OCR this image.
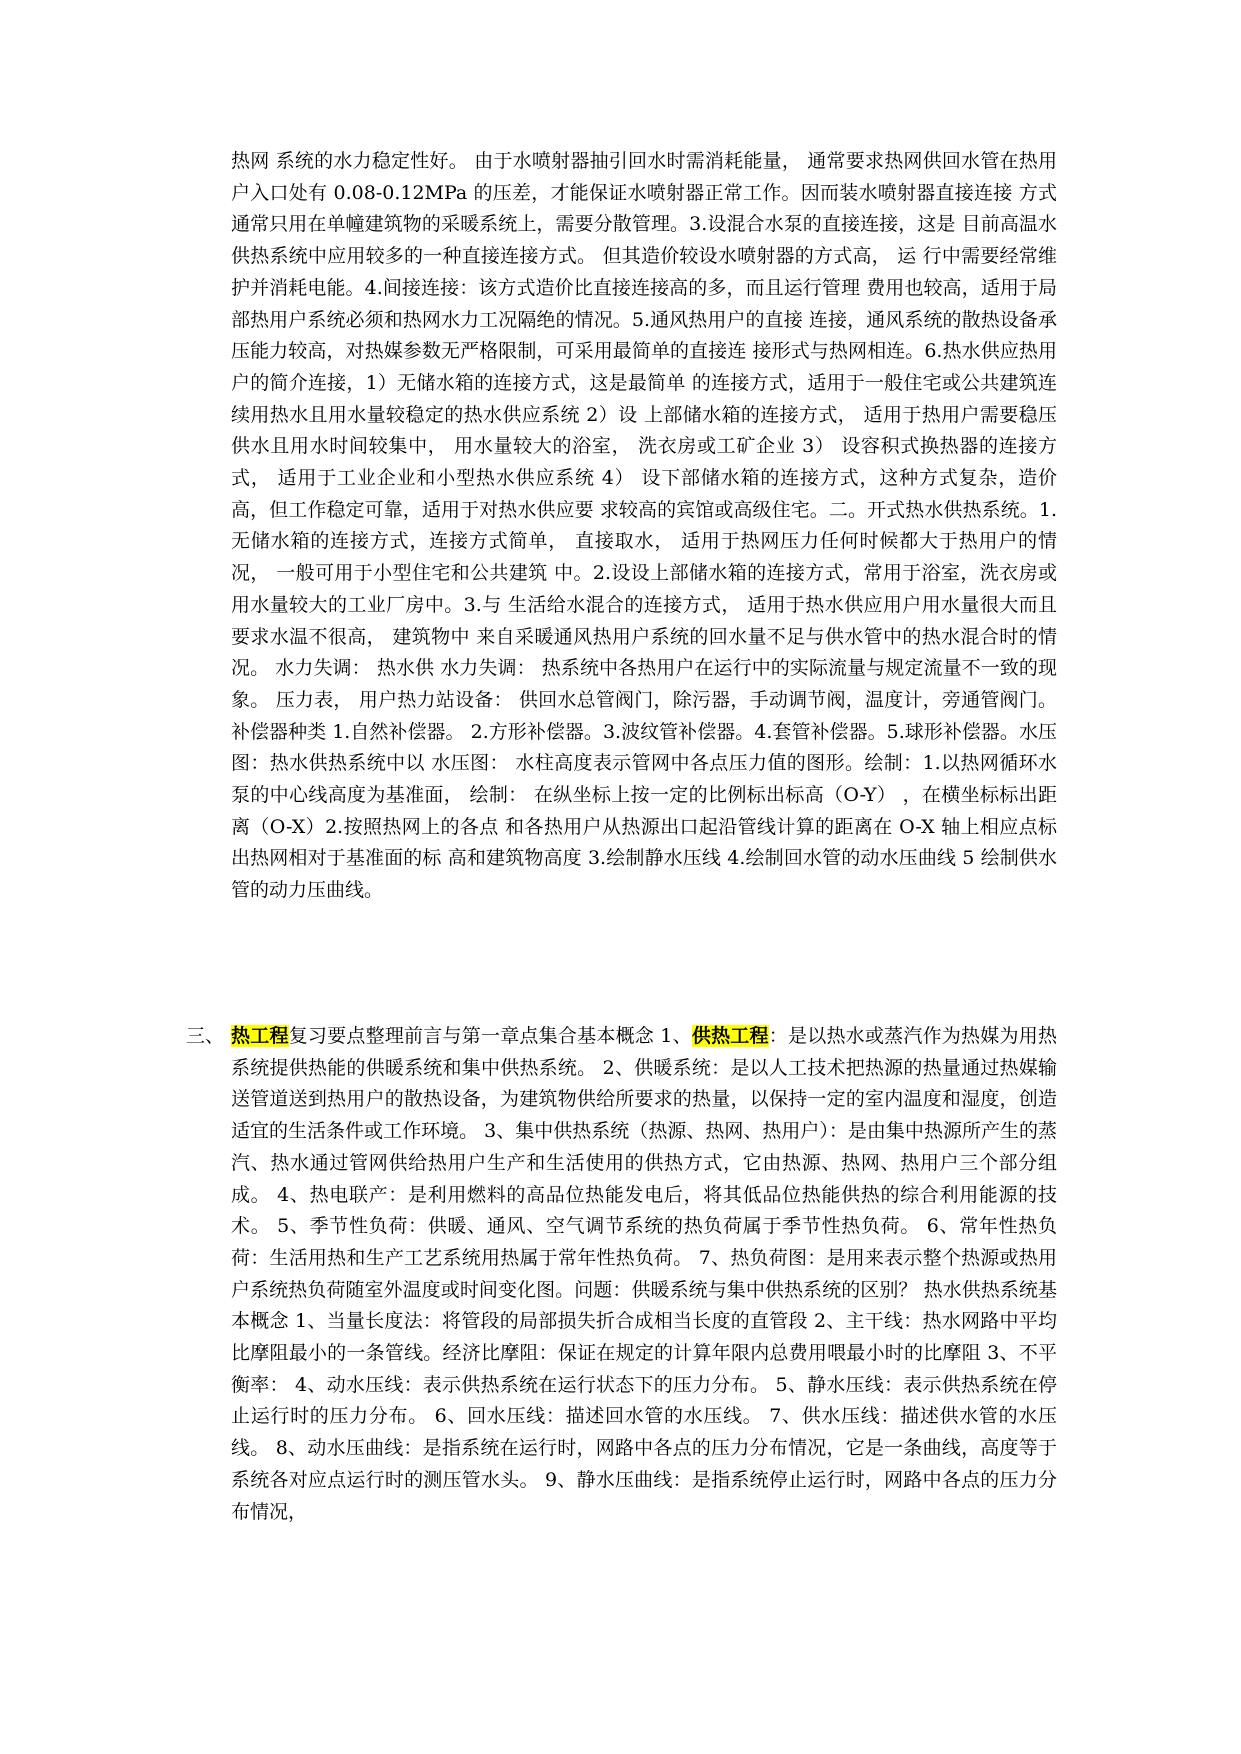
热网 系统的水力稳定性好。 由于水喷射器抽引回水时需消耗能量， 通常要求热网供回水管在热用 户入口处有 0.08-0.12MPa 的压差，才能保证水喷射器正常工作。因而装水喷射器直接连接 方式通常只用在单幢建筑物的采暖系统上，需要分散管理。3.设混合水泵的直接连接，这是 目前高温水供热系统中应用较多的一种直接连接方式。 但其造价较设水喷射器的方式高， 运 行中需要经常维护并消耗电能。4.间接连接：该方式造价比直接连接高的多，而且运行管理 费用也较高，适用于局部热用户系统必须和热网水力工况隔绝的情况。5.通风热用户的直接 连接，通风系统的散热设备承压能力较高，对热媒参数无严格限制，可采用最简单的直接连 接形式与热网相连。6.热水供应热用户的简介连接，1）无储水箱的连接方式，这是最简单 的连接方式，适用于一般住宅或公共建筑连续用热水且用水量较稳定的热水供应系统 2）设 上部储水箱的连接方式， 适用于热用户需要稳压供水且用水时间较集中， 用水量较大的浴室， 洗衣房或工矿企业 3） 设容积式换热器的连接方式， 适用于工业企业和小型热水供应系统 4） 设下部储水箱的连接方式，这种方式复杂，造价高，但工作稳定可靠，适用于对热水供应要 求较高的宾馆或高级住宅。二。开式热水供热系统。1.无储水箱的连接方式，连接方式简单， 直接取水， 适用于热网压力任何时候都大于热用户的情况， 一般可用于小型住宅和公共建筑 中。2.设设上部储水箱的连接方式，常用于浴室，洗衣房或用水量较大的工业厂房中。3.与 生活给水混合的连接方式， 适用于热水供应用户用水量很大而且要求水温不很高， 建筑物中 来自采暖通风热用户系统的回水量不足与供水管中的热水混合时的情况。 水力失调： 热水供 水力失调： 热系统中各热用户在运行中的实际流量与规定流量不一致的现象。 压力表， 用户热力站设备： 供回水总管阀门，除污器，手动调节阀，温度计，旁通管阀门。补偿器种类 1.自然补偿器。 2.方形补偿器。3.波纹管补偿器。4.套管补偿器。5.球形补偿器。水压图：热水供热系统中以 水压图： 水柱高度表示管网中各点压力值的图形。绘制：1.以热网循环水泵的中心线高度为基准面， 绘制： 在纵坐标上按一定的比例标出标高（O-Y） ，在横坐标标出距离（O-X）2.按照热网上的各点 和各热用户从热源出口起沿管线计算的距离在 O-X 轴上相应点标出热网相对于基准面的标 高和建筑物高度 3.绘制静水压线 4.绘制回水管的动水压曲线 5 绘制供水管的动力压曲线。

三、 热工程复习要点整理前言与第一章点集合基本概念 1、供热工程：是以热水或蒸汽作为热媒为用热系统提供热能的供暖系统和集中供热系统。 2、供暖系统：是以人工技术把热源的热量通过热媒输送管道送到热用户的散热设备，为建筑物供给所要求的热量，以保持一定的室内温度和湿度，创造适宜的生活条件或工作环境。 3、集中供热系统（热源、热网、热用户）：是由集中热源所产生的蒸汽、热水通过管网供给热用户生产和生活使用的供热方式，它由热源、热网、热用户三个部分组成。 4、热电联产：是利用燃料的高品位热能发电后，将其低品位热能供热的综合利用能源的技术。 5、季节性负荷：供暖、通风、空气调节系统的热负荷属于季节性热负荷。 6、常年性热负荷：生活用热和生产工艺系统用热属于常年性热负荷。 7、热负荷图：是用来表示整个热源或热用户系统热负荷随室外温度或时间变化图。问题：供暖系统与集中供热系统的区别？ 热水供热系统基本概念 1、当量长度法：将管段的局部损失折合成相当长度的直管段 2、主干线：热水网路中平均比摩阻最小的一条管线。经济比摩阻：保证在规定的计算年限内总费用喂最小时的比摩阻 3、不平衡率： 4、动水压线：表示供热系统在运行状态下的压力分布。 5、静水压线：表示供热系统在停止运行时的压力分布。 6、回水压线：描述回水管的水压线。 7、供水压线：描述供水管的水压线。 8、动水压曲线：是指系统在运行时，网路中各点的压力分布情况，它是一条曲线，高度等于系统各对应点运行时的测压管水头。 9、静水压曲线：是指系统停止运行时，网路中各点的压力分布情况，
